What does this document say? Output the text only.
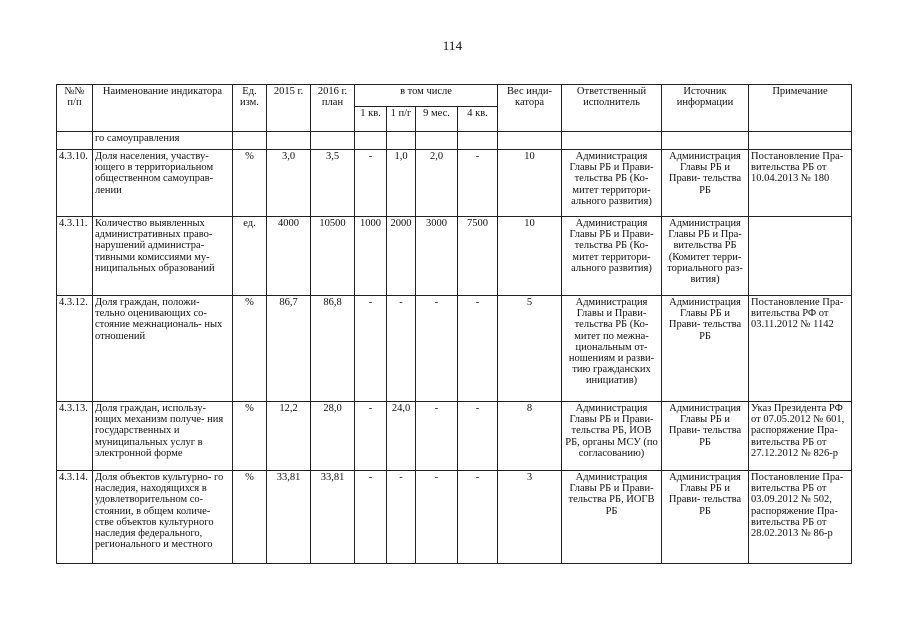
114
№№ п/п	Наименование индикатора	Ед. изм.	2015 г.	2016 г. план	в том числе				Вес инди- катора	Ответственный исполнитель	Источник информации	Примечание
					1 кв.	1 п/г	9 мес.	4 кв.				
	го самоуправления											
4.3.10.	Доля населения, участву- ющего в территориальном общественном самоуправ- лении	%	3,0	3,5	-	1,0	2,0	-	10	Администрация Главы РБ и Прави- тельства РБ (Ко- митет территори- ального развития)	Администрация Главы РБ и Прави- тельства РБ	Постановление Пра- вительства РБ от 10.04.2013 № 180
4.3.11.	Количество выявленных административных право- нарушений администра- тивными комиссиями му- ниципальных образований	ед.	4000	10500	1000	2000	3000	7500	10	Администрация Главы РБ и Прави- тельства РБ (Ко- митет территори- ального развития)	Администрация Главы РБ и Пра- вительства РБ (Комитет терри- ториального раз- вития)	
4.3.12.	Доля граждан, положи- тельно оценивающих со- стояние межнациональ- ных отношений	%	86,7	86,8	-	-	-	-	5	Администрация Главы и Прави- тельства РБ (Ко- митет по межна- циональным от- ношениям и разви- тию гражданских инициатив)	Администрация Главы РБ и Прави- тельства РБ	Постановление Пра- вительства РФ от 03.11.2012 № 1142
4.3.13.	Доля граждан, использу- ющих механизм получе- ния государственных и муниципальных услуг в электронной форме	%	12,2	28,0	-	24,0	-	-	8	Администрация Главы РБ и Прави- тельства РБ, ИОВ РБ, органы МСУ (по согласованию)	Администрация Главы РБ и Прави- тельства РБ	Указ Президента РФ от 07.05.2012 № 601, распоряжение Пра- вительства РБ от 27.12.2012 № 826-р
4.3.14.	Доля объектов культурно- го наследия, находящихся в удовлетворительном со- стоянии, в общем количе- стве объектов культурного наследия федерального, регионального и местного	%	33,81	33,81	-	-	-	-	3	Администрация Главы РБ и Прави- тельства РБ, ИОГВ РБ	Администрация Главы РБ и Прави- тельства РБ	Постановление Пра- вительства РБ от 03.09.2012 № 502, распоряжение Пра- вительства РБ от 28.02.2013 № 86-р
